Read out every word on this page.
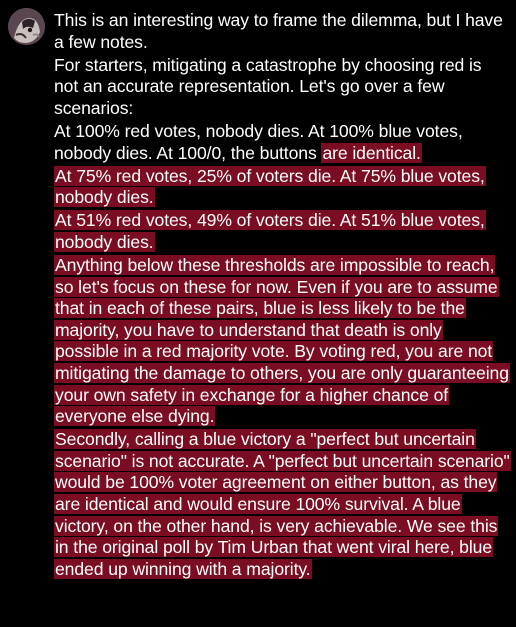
This is an interesting way to frame the dilemma, but I have a few notes.

For starters, mitigating a catastrophe by choosing red is not an accurate representation. Let's go over a few scenarios:

At 100% red votes, nobody dies. At 100% blue votes, nobody dies. At 100/0, the buttons are identical.

At 75% red votes, 25% of voters die. At 75% blue votes, nobody dies.

At 51% red votes, 49% of voters die. At 51% blue votes, nobody dies.

Anything below these thresholds are impossible to reach, so let's focus on these for now. Even if you are to assume that in each of these pairs, blue is less likely to be the majority, you have to understand that death is only possible in a red majority vote. By voting red, you are not mitigating the damage to others, you are only guaranteeing your own safety in exchange for a higher chance of everyone else dying.

Secondly, calling a blue victory a "perfect but uncertain scenario" is not accurate. A "perfect but uncertain scenario" would be 100% voter agreement on either button, as they are identical and would ensure 100% survival. A blue victory, on the other hand, is very achievable. We see this in the original poll by Tim Urban that went viral here, blue ended up winning with a majority.
